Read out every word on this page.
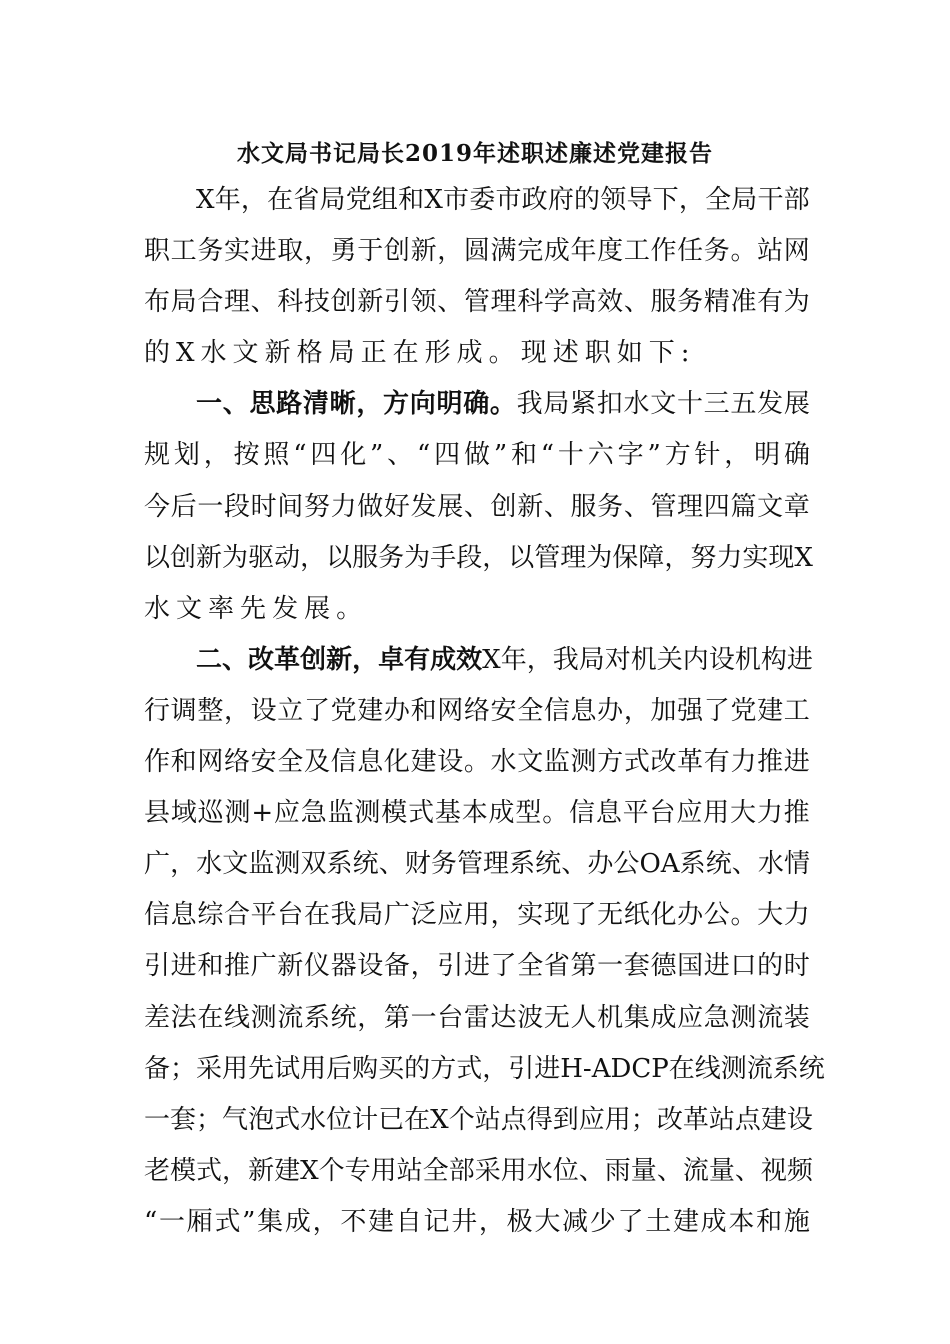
水文局书记局长2019年述职述廉述党建报告
X 年 ， 在 省 局 党 组 和 X 市 委 市 政 府 的 领 导 下 ， 全 局 干 部
职 工 务 实 进 取 ， 勇 于 创 新 ， 圆 满 完 成 年 度 工 作 任 务 。 站 网
布 局 合 理 、 科 技 创 新 引 领 、 管 理 科 学 高 效 、 服 务 精 准 有 为
的 X 水 文 新 格 局 正 在 形 成 。 现 述 职 如 下 :
一 、 思 路 清 晰 ， 方 向 明 确 。 我 局 紧 扣 水 文 十 三 五 发 展
规 划 ， 按 照 “ 四 化 ” 、 “ 四 做 ” 和 “ 十 六 字 ” 方 针 ， 明 确
今 后 一 段 时 间 努 力 做 好 发 展 、 创 新 、 服 务 、 管 理 四 篇 文 章
以 创 新 为 驱 动 ， 以 服 务 为 手 段 ， 以 管 理 为 保 障 ， 努 力 实 现 X
水 文 率 先 发 展 。
二 、 改 革 创 新 ， 卓 有 成 效 X 年 ， 我 局 对 机 关 内 设 机 构 进
行 调 整 ， 设 立 了 党 建 办 和 网 络 安 全 信 息 办 ， 加 强 了 党 建 工
作 和 网 络 安 全 及 信 息 化 建 设 。 水 文 监 测 方 式 改 革 有 力 推 进
县 域 巡 测 + 应 急 监 测 模 式 基 本 成 型 。 信 息 平 台 应 用 大 力 推
广 ， 水 文 监 测 双 系 统 、 财 务 管 理 系 统 、 办 公 OA 系 统 、 水 情
信 息 综 合 平 台 在 我 局 广 泛 应 用 ， 实 现 了 无 纸 化 办 公 。 大 力
引 进 和 推 广 新 仪 器 设 备 ， 引 进 了 全 省 第 一 套 德 国 进 口 的 时
差 法 在 线 测 流 系 统 ， 第 一 台 雷 达 波 无 人 机 集 成 应 急 测 流 装
备 ； 采 用 先 试 用 后 购 买 的 方 式 ， 引 进 H-ADCP 在 线 测 流 系 统
一 套 ； 气 泡 式 水 位 计 已 在 X 个 站 点 得 到 应 用 ； 改 革 站 点 建 设
老 模 式 ， 新 建 X 个 专 用 站 全 部 采 用 水 位 、 雨 量 、 流 量 、 视 频
“ 一 厢 式 ” 集 成 ， 不 建 自 记 井 ， 极 大 减 少 了 土 建 成 本 和 施
